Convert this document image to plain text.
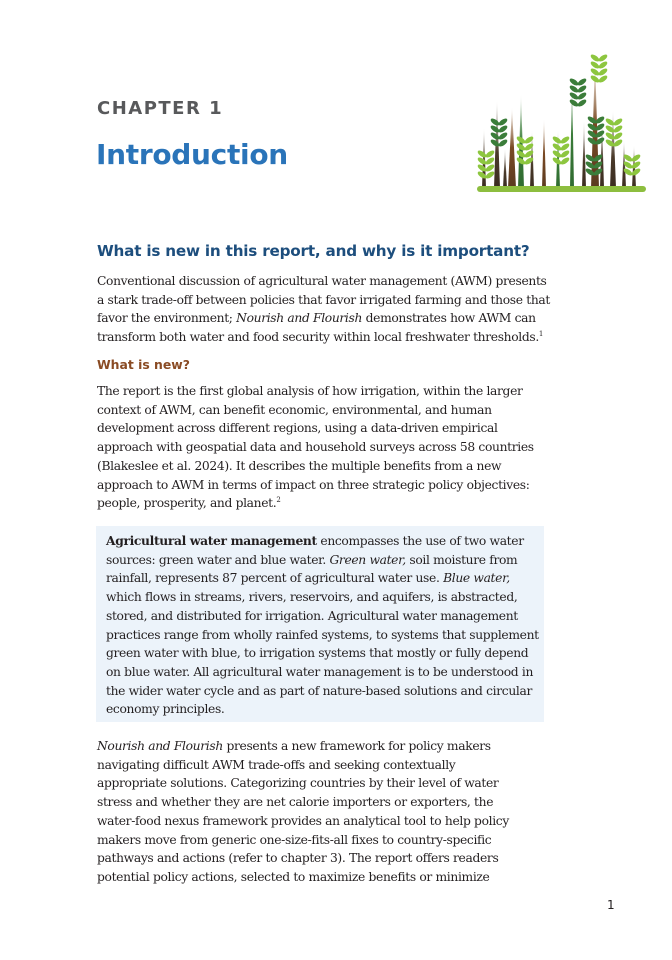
CHAPTER 1
Introduction
What is new in this report, and why is it important?
Conventional discussion of agricultural water management (AWM) presents
a stark trade-off between policies that favor irrigated farming and those that
favor the environment; Nourish and Flourish demonstrates how AWM can
transform both water and food security within local freshwater thresholds.$^1$
What is new?
The report is the first global analysis of how irrigation, within the larger
context of AWM, can benefit economic, environmental, and human
development across different regions, using a data-driven empirical
approach with geospatial data and household surveys across 58 countries
(Blakeslee et al. 2024). It describes the multiple benefits from a new
approach to AWM in terms of impact on three strategic policy objectives:
people, prosperity, and planet.$^2$
Agricultural water management encompasses the use of two water
sources: green water and blue water. Green water, soil moisture from
rainfall, represents 87 percent of agricultural water use. Blue water,
which flows in streams, rivers, reservoirs, and aquifers, is abstracted,
stored, and distributed for irrigation. Agricultural water management
practices range from wholly rainfed systems, to systems that supplement
green water with blue, to irrigation systems that mostly or fully depend
on blue water. All agricultural water management is to be understood in
the wider water cycle and as part of nature-based solutions and circular
economy principles.
Nourish and Flourish presents a new framework for policy makers
navigating difficult AWM trade-offs and seeking contextually
appropriate solutions. Categorizing countries by their level of water
stress and whether they are net calorie importers or exporters, the
water-food nexus framework provides an analytical tool to help policy
makers move from generic one-size-fits-all fixes to country-specific
pathways and actions (refer to chapter 3). The report offers readers
potential policy actions, selected to maximize benefits or minimize
1
